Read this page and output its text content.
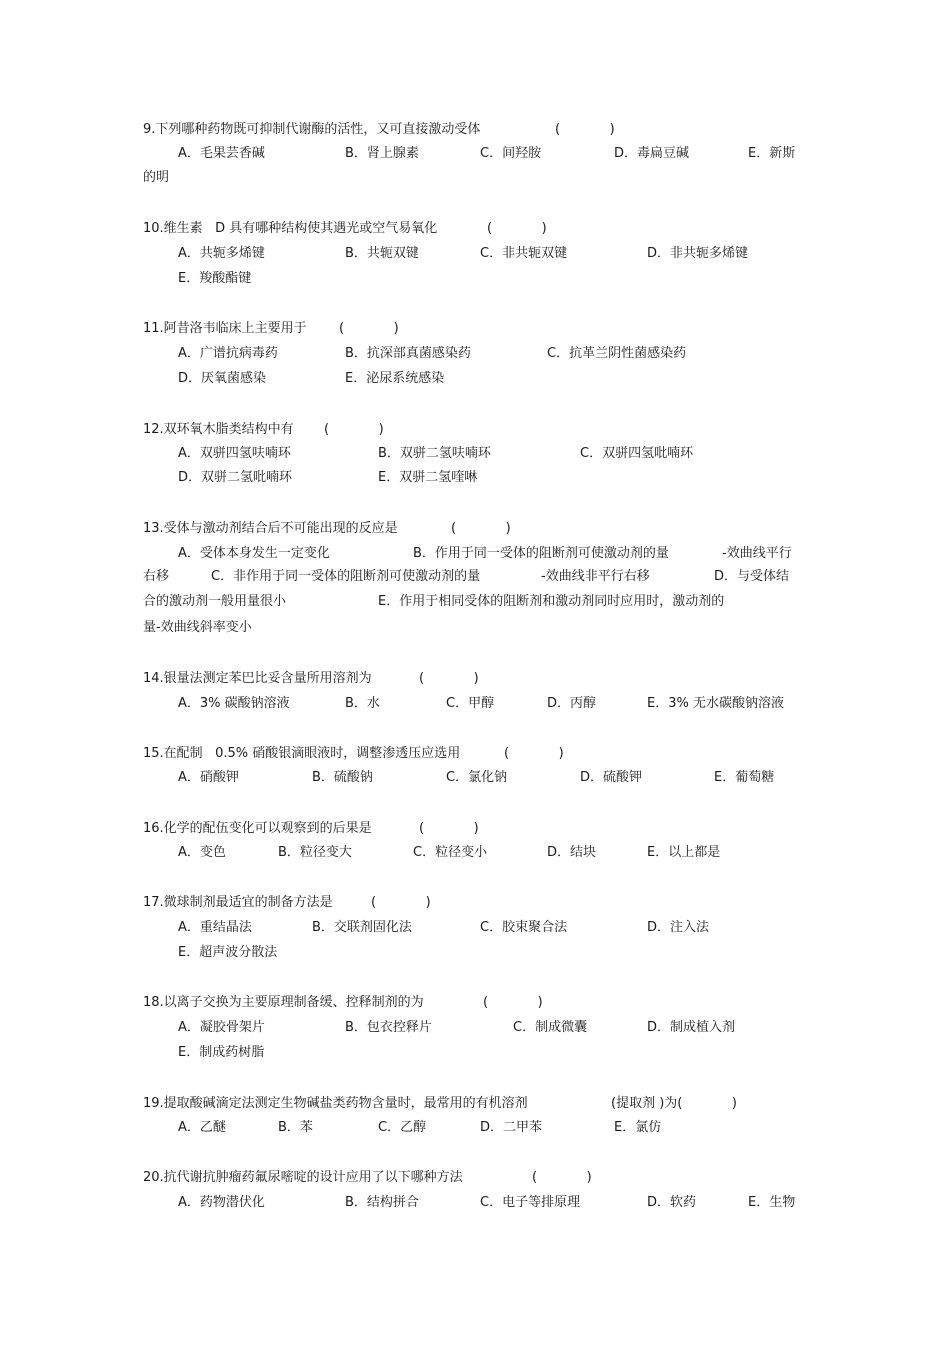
9.下列哪种药物既可抑制代谢酶的活性，又可直接激动受体	(            )
A．毛果芸香碱	B．肾上腺素	C．间羟胺	D．毒扁豆碱	E．新斯
的明
10.维生素   D 具有哪种结构使其遇光或空气易氧化	(            )
A．共轭多烯键	B．共轭双键	C．非共轭双键	D．非共轭多烯键
E．羧酸酯键
11.阿昔洛韦临床上主要用于 (            )
A．广谱抗病毒药	B．抗深部真菌感染药	C．抗革兰阴性菌感染药
D．厌氧菌感染	E．泌尿系统感染
12.双环氧木脂类结构中有 (            )
A．双骈四氢呋喃环	B．双骈二氢呋喃环	C．双骈四氢吡喃环
D．双骈二氢吡喃环	E．双骈二氢喹啉
13.受体与激动剂结合后不可能出现的反应是	(            )
A．受体本身发生一定变化	B．作用于同一受体的阻断剂可使激动剂的量	-效曲线平行
右移	C．非作用于同一受体的阻断剂可使激动剂的量	-效曲线非平行右移	D．与受体结
合的激动剂一般用量很小	E．作用于相同受体的阻断剂和激动剂同时应用时，激动剂的
量-效曲线斜率变小
14.银量法测定苯巴比妥含量所用溶剂为	(            )
A．3% 碳酸钠溶液	B．水	C．甲醇	D．丙醇	E．3% 无水碳酸钠溶液
15.在配制   0.5% 硝酸银滴眼液时，调整渗透压应选用	(            )
A．硝酸钾	B．硫酸钠	C．氯化钠	D．硫酸钾	E．葡萄糖
16.化学的配伍变化可以观察到的后果是	(            )
A．变色	B．粒径变大	C．粒径变小	D．结块	E．以上都是
17.微球制剂最适宜的制备方法是	(            )
A．重结晶法	B．交联剂固化法	C．胶束聚合法	D．注入法
E．超声波分散法
18.以离子交换为主要原理制备缓、控释制剂的为	(            )
A．凝胶骨架片	B．包衣控释片	C．制成微囊	D．制成植入剂
E．制成药树脂
19.提取酸碱滴定法测定生物碱盐类药物含量时，最常用的有机溶剂	(提取剂 )为(            )
A．乙醚	B．苯	C．乙醇	D．二甲苯	E．氯仿
20.抗代谢抗肿瘤药氟尿嘧啶的设计应用了以下哪种方法	(            )
A．药物潜伏化	B．结构拼合	C．电子等排原理	D．软药	E．生物
